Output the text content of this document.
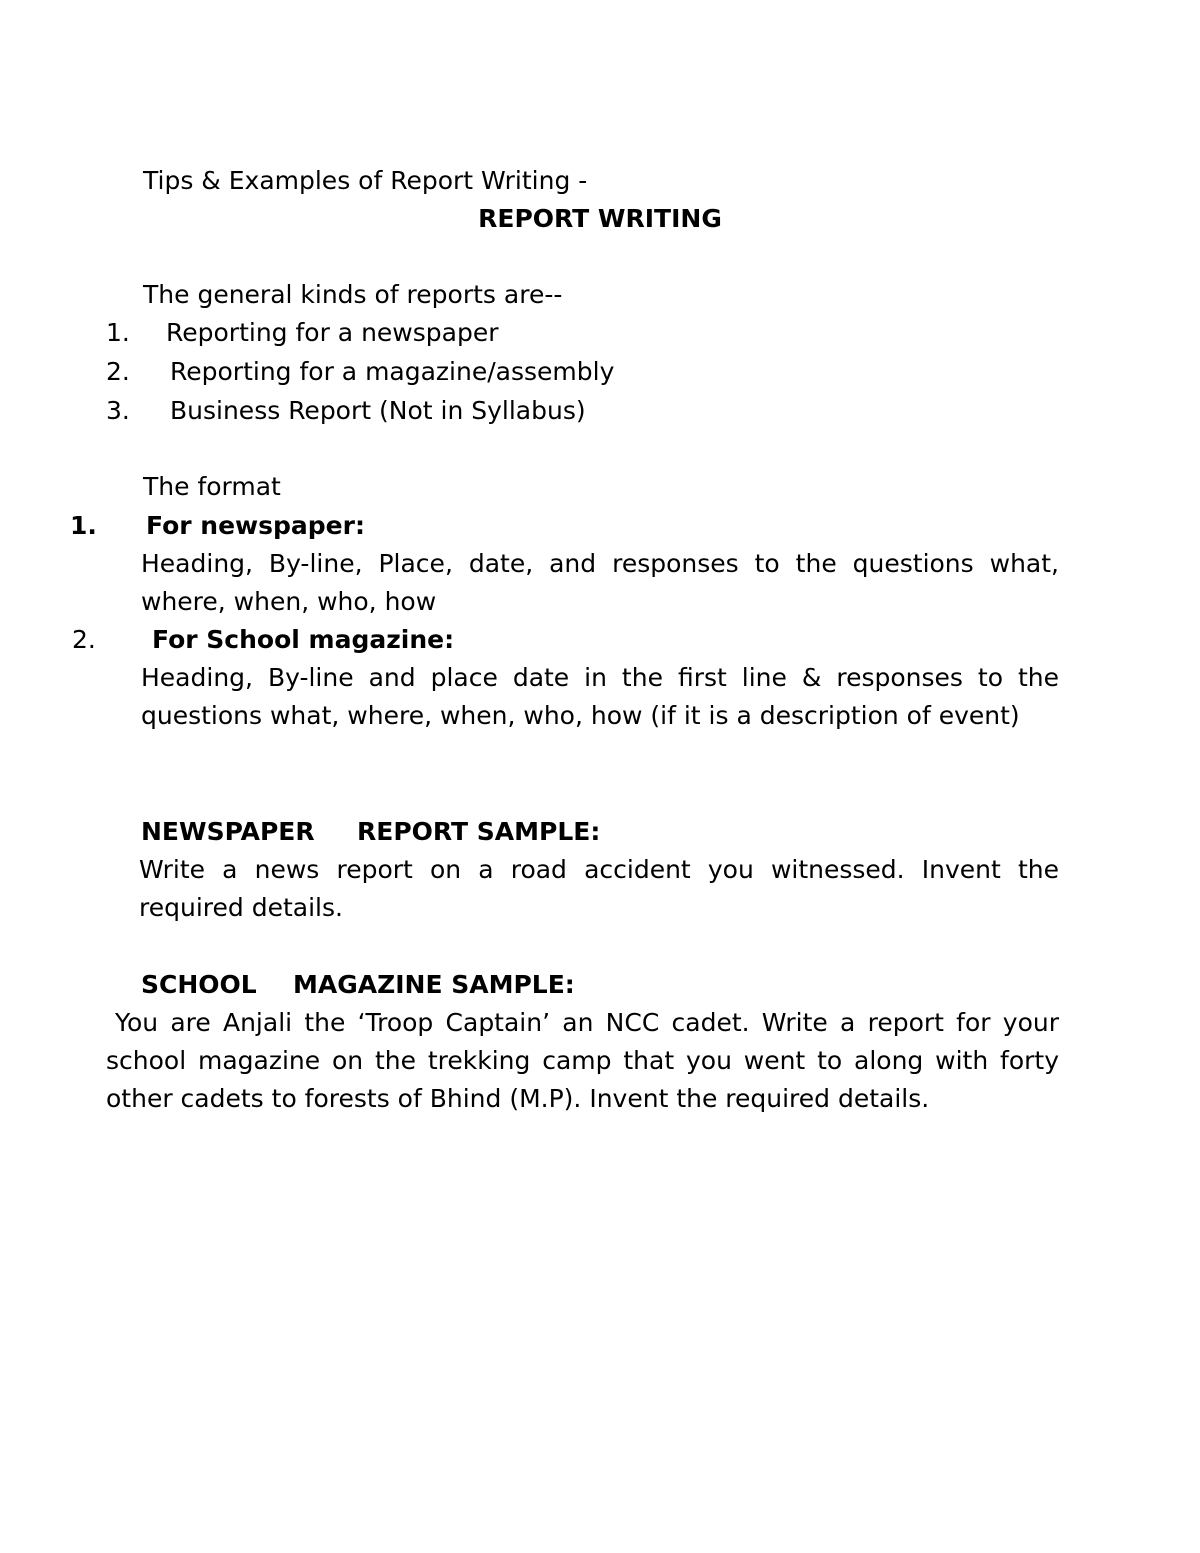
Tips & Examples of Report Writing -
REPORT WRITING
The general kinds of reports are--
1. Reporting for a newspaper
2. Reporting for a magazine/assembly
3. Business Report (Not in Syllabus)
The format
1. For newspaper:
Heading, By-line, Place, date, and responses to the questions what, where, when, who, how
2. For School magazine:
Heading, By-line and place date in the first line & responses to the questions what, where, when, who, how (if it is a description of event)
NEWSPAPER REPORT SAMPLE:
Write a news report on a road accident you witnessed. Invent the required details.
SCHOOL MAGAZINE SAMPLE:
You are Anjali the ‘Troop Captain’ an NCC cadet. Write a report for your school magazine on the trekking camp that you went to along with forty other cadets to forests of Bhind (M.P). Invent the required details.
